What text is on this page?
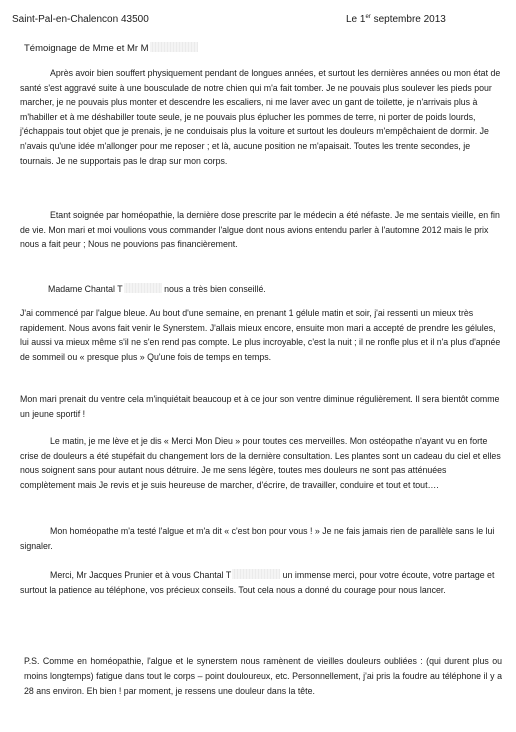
Saint-Pal-en-Chalencon 43500	Le 1er septembre 2013
Témoignage de Mme et Mr M

Après avoir bien souffert physiquement pendant de longues années, et surtout les dernières années ou mon état de santé s'est aggravé suite à une bousculade de notre chien qui m'a fait tomber. Je ne pouvais plus soulever les pieds pour marcher, je ne pouvais plus monter et descendre les escaliers, ni me laver avec un gant de toilette, je n'arrivais plus à m'habiller et à me déshabiller toute seule, je ne pouvais plus éplucher les pommes de terre, ni porter de poids lourds, j'échappais tout objet que je prenais, je ne conduisais plus la voiture et surtout les douleurs m'empêchaient de dormir. Je n'avais qu'une idée m'allonger pour me reposer ; et là, aucune position ne m'apaisait. Toutes les trente secondes, je tournais. Je ne supportais pas le drap sur mon corps.

Etant soignée par homéopathie, la dernière dose prescrite par le médecin a été néfaste. Je me sentais vieille, en fin de vie. Mon mari et moi voulions vous commander l'algue dont nous avions entendu parler à l'automne 2012 mais le prix nous a fait peur ; Nous ne pouvions pas financièrement.

Madame Chantal T	nous a très bien conseillé.

J'ai commencé par l'algue bleue. Au bout d'une semaine, en prenant 1 gélule matin et soir, j'ai ressenti un mieux très rapidement. Nous avons fait venir le Synerstem. J'allais mieux encore, ensuite mon mari a accepté de prendre les gélules, lui aussi va mieux même s'il ne s'en rend pas compte. Le plus incroyable, c'est la nuit ; il ne ronfle plus et il n'a plus d'apnée de sommeil ou « presque plus » Qu'une fois de temps en temps.

Mon mari prenait du ventre cela m'inquiétait beaucoup et à ce jour son ventre diminue régulièrement. Il sera bientôt comme un jeune sportif !

Le matin, je me lève et je dis « Merci Mon Dieu » pour toutes ces merveilles. Mon ostéopathe n'ayant vu en forte crise de douleurs a été stupéfait du changement lors de la dernière consultation. Les plantes sont un cadeau du ciel et elles nous soignent sans pour autant nous détruire. Je me sens légère, toutes mes douleurs ne sont pas atténuées complètement mais Je revis et je suis heureuse de marcher, d'écrire, de travailler, conduire et tout et tout….

Mon homéopathe m'a testé l'algue et m'a dit « c'est bon pour vous ! » Je ne fais jamais rien de parallèle sans le lui signaler.

Merci, Mr Jacques Prunier et à vous Chantal T	un immense merci, pour votre écoute, votre partage et surtout la patience au téléphone, vos précieux conseils. Tout cela nous a donné du courage pour nous lancer.

P.S. Comme en homéopathie, l'algue et le synerstem nous ramènent de vieilles douleurs oubliées : (qui durent plus ou moins longtemps) fatigue dans tout le corps – point douloureux, etc. Personnellement, j'ai pris la foudre au téléphone il y a 28 ans environ. Eh bien ! par moment, je ressens une douleur dans la tête.
